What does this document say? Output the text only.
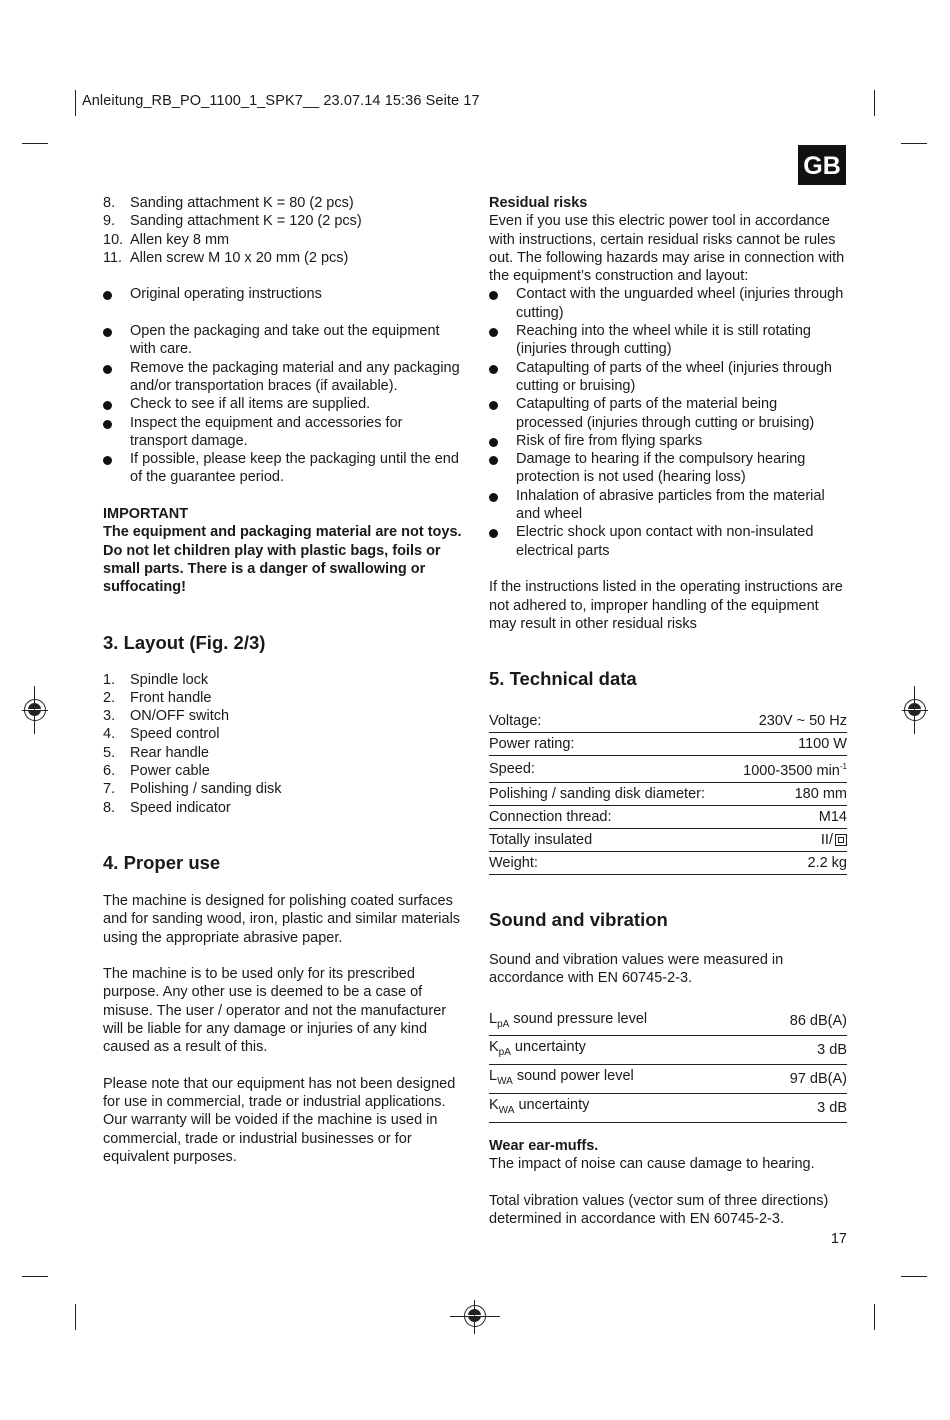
Anleitung_RB_PO_1100_1_SPK7__ 23.07.14 15:36 Seite 17
GB
8. Sanding attachment K = 80 (2 pcs)
9. Sanding attachment K = 120 (2 pcs)
10. Allen key 8 mm
11. Allen screw M 10 x 20 mm (2 pcs)
Original operating instructions
Open the packaging and take out the equipment with care.
Remove the packaging material and any packaging and/or transportation braces (if available).
Check to see if all items are supplied.
Inspect the equipment and accessories for transport damage.
If possible, please keep the packaging until the end of the guarantee period.

IMPORTANT

The equipment and packaging material are not toys. Do not let children play with plastic bags, foils or small parts. There is a danger of swallowing or suffocating!

3. Layout (Fig. 2/3)
1. Spindle lock
2. Front handle
3. ON/OFF switch
4. Speed control
5. Rear handle
6. Power cable
7. Polishing / sanding disk
8. Speed indicator
4. Proper use

The machine is designed for polishing coated surfaces and for sanding wood, iron, plastic and similar materials using the appropriate abrasive paper.

The machine is to be used only for its prescribed purpose. Any other use is deemed to be a case of misuse. The user / operator and not the manufacturer will be liable for any damage or injuries of any kind caused as a result of this.

Please note that our equipment has not been designed for use in commercial, trade or industrial applications. Our warranty will be voided if the machine is used in commercial, trade or industrial businesses or for equivalent purposes.

Residual risks

Even if you use this electric power tool in accordance with instructions, certain residual risks cannot be rules out. The following hazards may arise in connection with the equipment’s construction and layout:

Contact with the unguarded wheel (injuries through cutting)
Reaching into the wheel while it is still rotating (injuries through cutting)
Catapulting of parts of the wheel (injuries through cutting or bruising)
Catapulting of parts of the material being processed (injuries through cutting or bruising)
Risk of fire from flying sparks
Damage to hearing if the compulsory hearing protection is not used (hearing loss)
Inhalation of abrasive particles from the material and wheel
Electric shock upon contact with non-insulated electrical parts

If the instructions listed in the operating instructions are not adhered to, improper handling of the equipment may result in other residual risks

5. Technical data
Voltage:	230V ~ 50 Hz
Power rating:	1100 W
Speed:	1000-3500 $\min^{-1}$
Polishing / sanding disk diameter:	180 mm
Connection thread:	M14
Totally insulated	II/
Weight:	2.2 kg
Sound and vibration

Sound and vibration values were measured in accordance with EN 60745-2-3.

$L_{pA}$ sound pressure level	86 dB(A)
$K_{pA}$ uncertainty	3 dB
$L_{WA}$ sound power level	97 dB(A)
$K_{WA}$ uncertainty	3 dB

Wear ear-muffs.

The impact of noise can cause damage to hearing.

Total vibration values (vector sum of three directions) determined in accordance with EN 60745-2-3.

17
